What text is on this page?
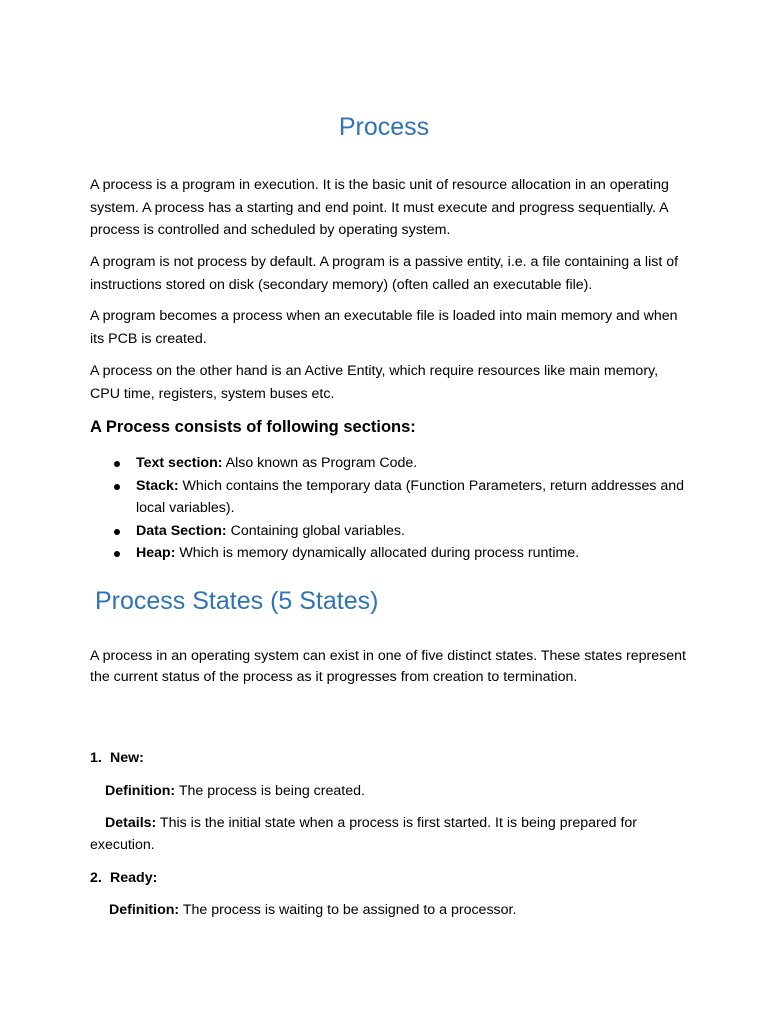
Process
A process is a program in execution. It is the basic unit of resource allocation in an operating system. A process has a starting and end point. It must execute and progress sequentially. A process is controlled and scheduled by operating system.
A program is not process by default. A program is a passive entity, i.e. a file containing a list of instructions stored on disk (secondary memory) (often called an executable file).
A program becomes a process when an executable file is loaded into main memory and when its PCB is created.
A process on the other hand is an Active Entity, which require resources like main memory, CPU time, registers, system buses etc.
A Process consists of following sections:
Text section: Also known as Program Code.
Stack: Which contains the temporary data (Function Parameters, return addresses and local variables).
Data Section: Containing global variables.
Heap: Which is memory dynamically allocated during process runtime.
Process States (5 States)
A process in an operating system can exist in one of five distinct states. These states represent the current status of the process as it progresses from creation to termination.
1. New:
Definition: The process is being created.
Details: This is the initial state when a process is first started. It is being prepared for execution.
2. Ready:
Definition: The process is waiting to be assigned to a processor.
